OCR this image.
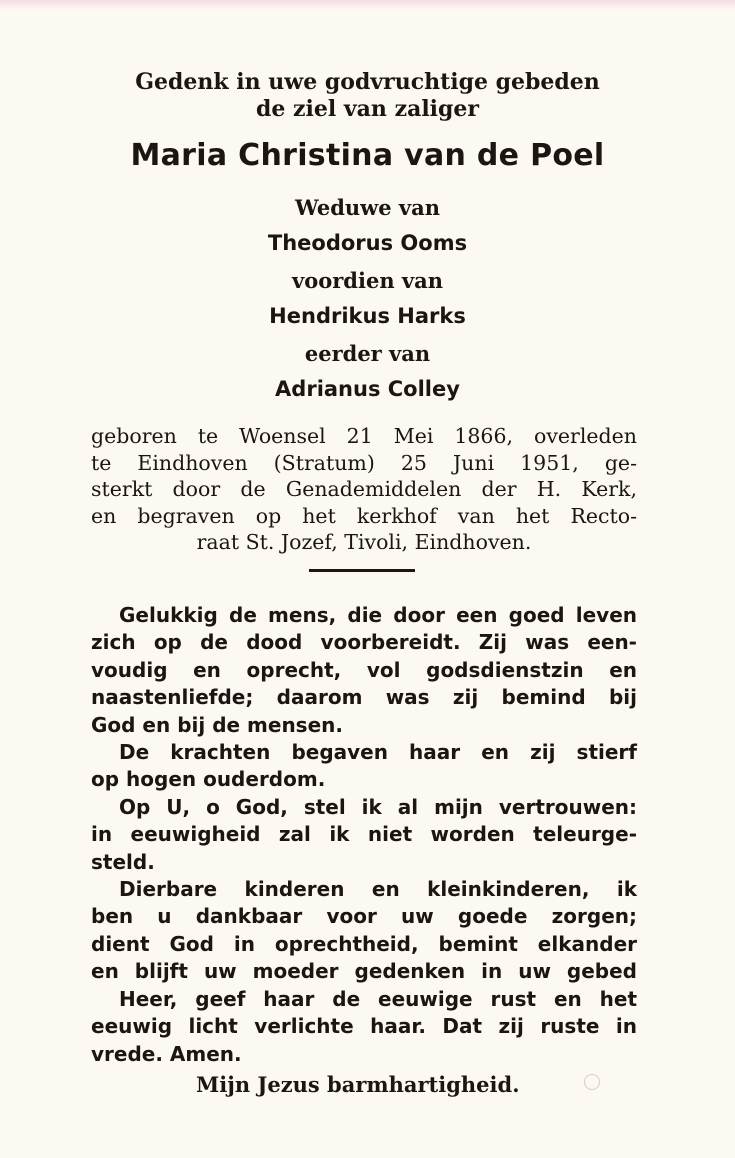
Gedenk in uwe godvruchtige gebeden
de ziel van zaliger
Maria Christina van de Poel
Weduwe van
Theodorus Ooms
voordien van
Hendrikus Harks
eerder van
Adrianus Colley
geboren te Woensel 21 Mei 1866, overleden
te Eindhoven (Stratum) 25 Juni 1951, ge-
sterkt door de Genademiddelen der H. Kerk,
en begraven op het kerkhof van het Recto-
raat St. Jozef, Tivoli, Eindhoven.
Gelukkig de mens, die door een goed leven
zich op de dood voorbereidt. Zij was een-
voudig en oprecht, vol godsdienstzin en
naastenliefde; daarom was zij bemind bij
God en bij de mensen.
De krachten begaven haar en zij stierf
op hogen ouderdom.
Op U, o God, stel ik al mijn vertrouwen:
in eeuwigheid zal ik niet worden teleurge-
steld.
Dierbare kinderen en kleinkinderen, ik
ben u dankbaar voor uw goede zorgen;
dient God in oprechtheid, bemint elkander
en blijft uw moeder gedenken in uw gebed
Heer, geef haar de eeuwige rust en het
eeuwig licht verlichte haar. Dat zij ruste in
vrede. Amen.
Mijn Jezus barmhartigheid.
